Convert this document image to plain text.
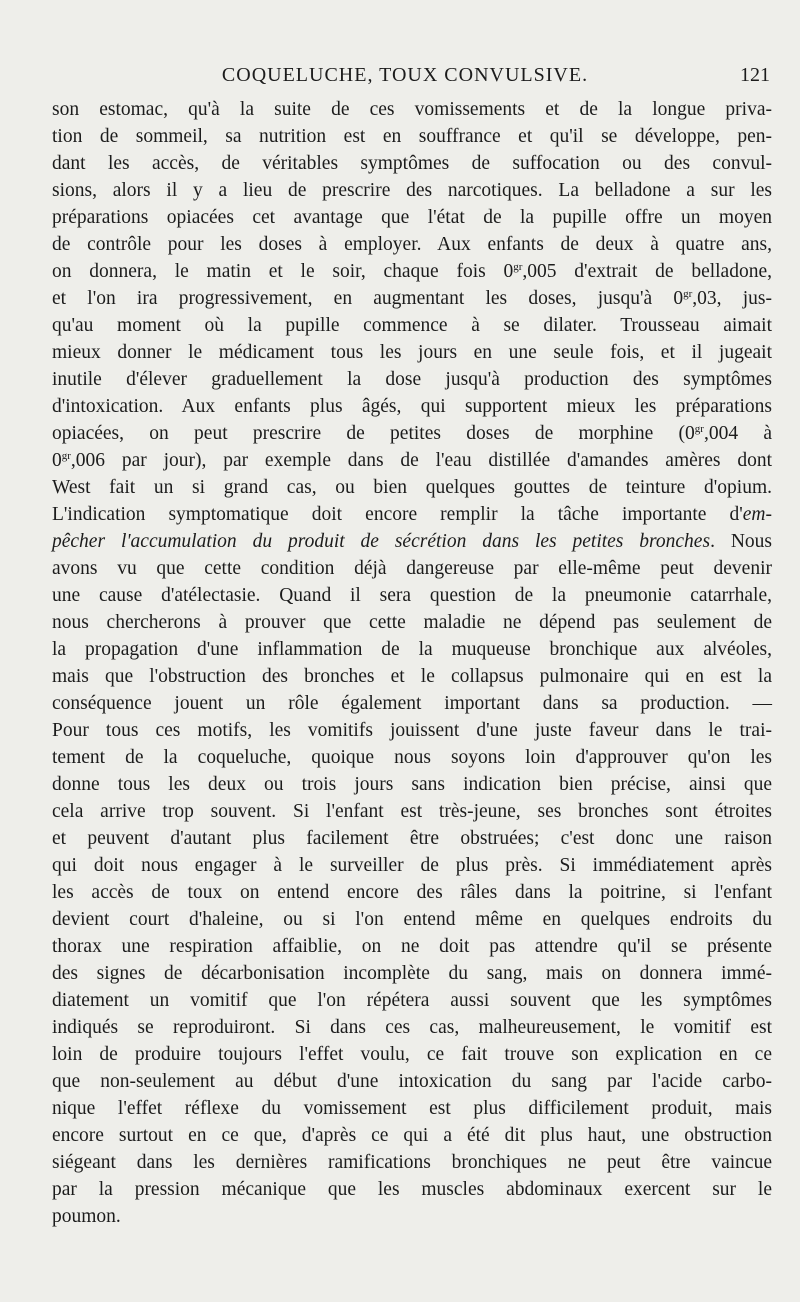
COQUELUCHE, TOUX CONVULSIVE.	121
son estomac, qu'à la suite de ces vomissements et de la longue priva-
tion de sommeil, sa nutrition est en souffrance et qu'il se développe, pen-
dant les accès, de véritables symptômes de suffocation ou des convul-
sions, alors il y a lieu de prescrire des narcotiques. La belladone a sur les
préparations opiacées cet avantage que l'état de la pupille offre un moyen
de contrôle pour les doses à employer. Aux enfants de deux à quatre ans,
on donnera, le matin et le soir, chaque fois $0^{gr},005$ d'extrait de belladone,
et l'on ira progressivement, en augmentant les doses, jusqu'à $0^{gr},03$, jus-
qu'au moment où la pupille commence à se dilater. Trousseau aimait
mieux donner le médicament tous les jours en une seule fois, et il jugeait
inutile d'élever graduellement la dose jusqu'à production des symptômes
d'intoxication. Aux enfants plus âgés, qui supportent mieux les préparations
opiacées, on peut prescrire de petites doses de morphine ($0^{gr},004$ à
$0^{gr},006$ par jour), par exemple dans de l'eau distillée d'amandes amères dont
West fait un si grand cas, ou bien quelques gouttes de teinture d'opium.
L'indication symptomatique doit encore remplir la tâche importante d'em-
pêcher l'accumulation du produit de sécrétion dans les petites bronches. Nous
avons vu que cette condition déjà dangereuse par elle-même peut devenir
une cause d'atélectasie. Quand il sera question de la pneumonie catarrhale,
nous chercherons à prouver que cette maladie ne dépend pas seulement de
la propagation d'une inflammation de la muqueuse bronchique aux alvéoles,
mais que l'obstruction des bronches et le collapsus pulmonaire qui en est la
conséquence jouent un rôle également important dans sa production. —
Pour tous ces motifs, les vomitifs jouissent d'une juste faveur dans le trai-
tement de la coqueluche, quoique nous soyons loin d'approuver qu'on les
donne tous les deux ou trois jours sans indication bien précise, ainsi que
cela arrive trop souvent. Si l'enfant est très-jeune, ses bronches sont étroites
et peuvent d'autant plus facilement être obstruées; c'est donc une raison
qui doit nous engager à le surveiller de plus près. Si immédiatement après
les accès de toux on entend encore des râles dans la poitrine, si l'enfant
devient court d'haleine, ou si l'on entend même en quelques endroits du
thorax une respiration affaiblie, on ne doit pas attendre qu'il se présente
des signes de décarbonisation incomplète du sang, mais on donnera immé-
diatement un vomitif que l'on répétera aussi souvent que les symptômes
indiqués se reproduiront. Si dans ces cas, malheureusement, le vomitif est
loin de produire toujours l'effet voulu, ce fait trouve son explication en ce
que non-seulement au début d'une intoxication du sang par l'acide carbo-
nique l'effet réflexe du vomissement est plus difficilement produit, mais
encore surtout en ce que, d'après ce qui a été dit plus haut, une obstruction
siégeant dans les dernières ramifications bronchiques ne peut être vaincue
par la pression mécanique que les muscles abdominaux exercent sur le
poumon.
